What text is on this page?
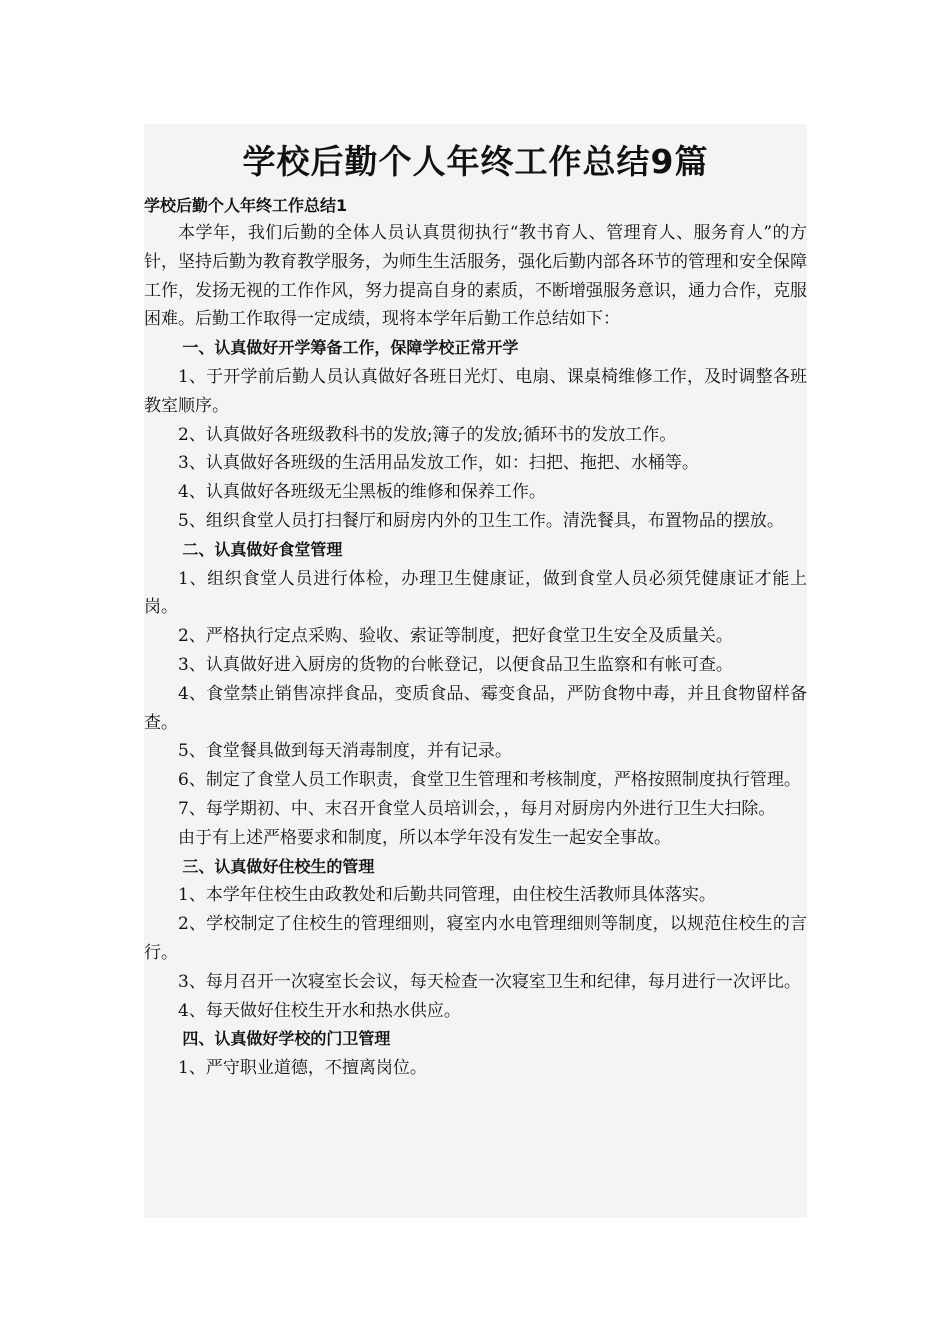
学校后勤个人年终工作总结9篇
学校后勤个人年终工作总结1
本学年，我们后勤的全体人员认真贯彻执行“教书育人、管理育人、服务育人”的方针，坚持后勤为教育教学服务，为师生生活服务，强化后勤内部各环节的管理和安全保障工作，发扬无视的工作作风，努力提高自身的素质，不断增强服务意识，通力合作，克服困难。后勤工作取得一定成绩，现将本学年后勤工作总结如下：
一、认真做好开学筹备工作，保障学校正常开学
1、于开学前后勤人员认真做好各班日光灯、电扇、课桌椅维修工作，及时调整各班教室顺序。
2、认真做好各班级教科书的发放;簿子的发放;循环书的发放工作。
3、认真做好各班级的生活用品发放工作，如：扫把、拖把、水桶等。
4、认真做好各班级无尘黑板的维修和保养工作。
5、组织食堂人员打扫餐厅和厨房内外的卫生工作。清洗餐具，布置物品的摆放。
二、认真做好食堂管理
1、组织食堂人员进行体检，办理卫生健康证，做到食堂人员必须凭健康证才能上岗。
2、严格执行定点采购、验收、索证等制度，把好食堂卫生安全及质量关。
3、认真做好进入厨房的货物的台帐登记，以便食品卫生监察和有帐可查。
4、食堂禁止销售凉拌食品，变质食品、霉变食品，严防食物中毒，并且食物留样备查。
5、食堂餐具做到每天消毒制度，并有记录。
6、制定了食堂人员工作职责，食堂卫生管理和考核制度，严格按照制度执行管理。
7、每学期初、中、末召开食堂人员培训会，，每月对厨房内外进行卫生大扫除。
由于有上述严格要求和制度，所以本学年没有发生一起安全事故。
三、认真做好住校生的管理
1、本学年住校生由政教处和后勤共同管理，由住校生活教师具体落实。
2、学校制定了住校生的管理细则，寝室内水电管理细则等制度，以规范住校生的言行。
3、每月召开一次寝室长会议，每天检查一次寝室卫生和纪律，每月进行一次评比。
4、每天做好住校生开水和热水供应。
四、认真做好学校的门卫管理
1、严守职业道德，不擅离岗位。
